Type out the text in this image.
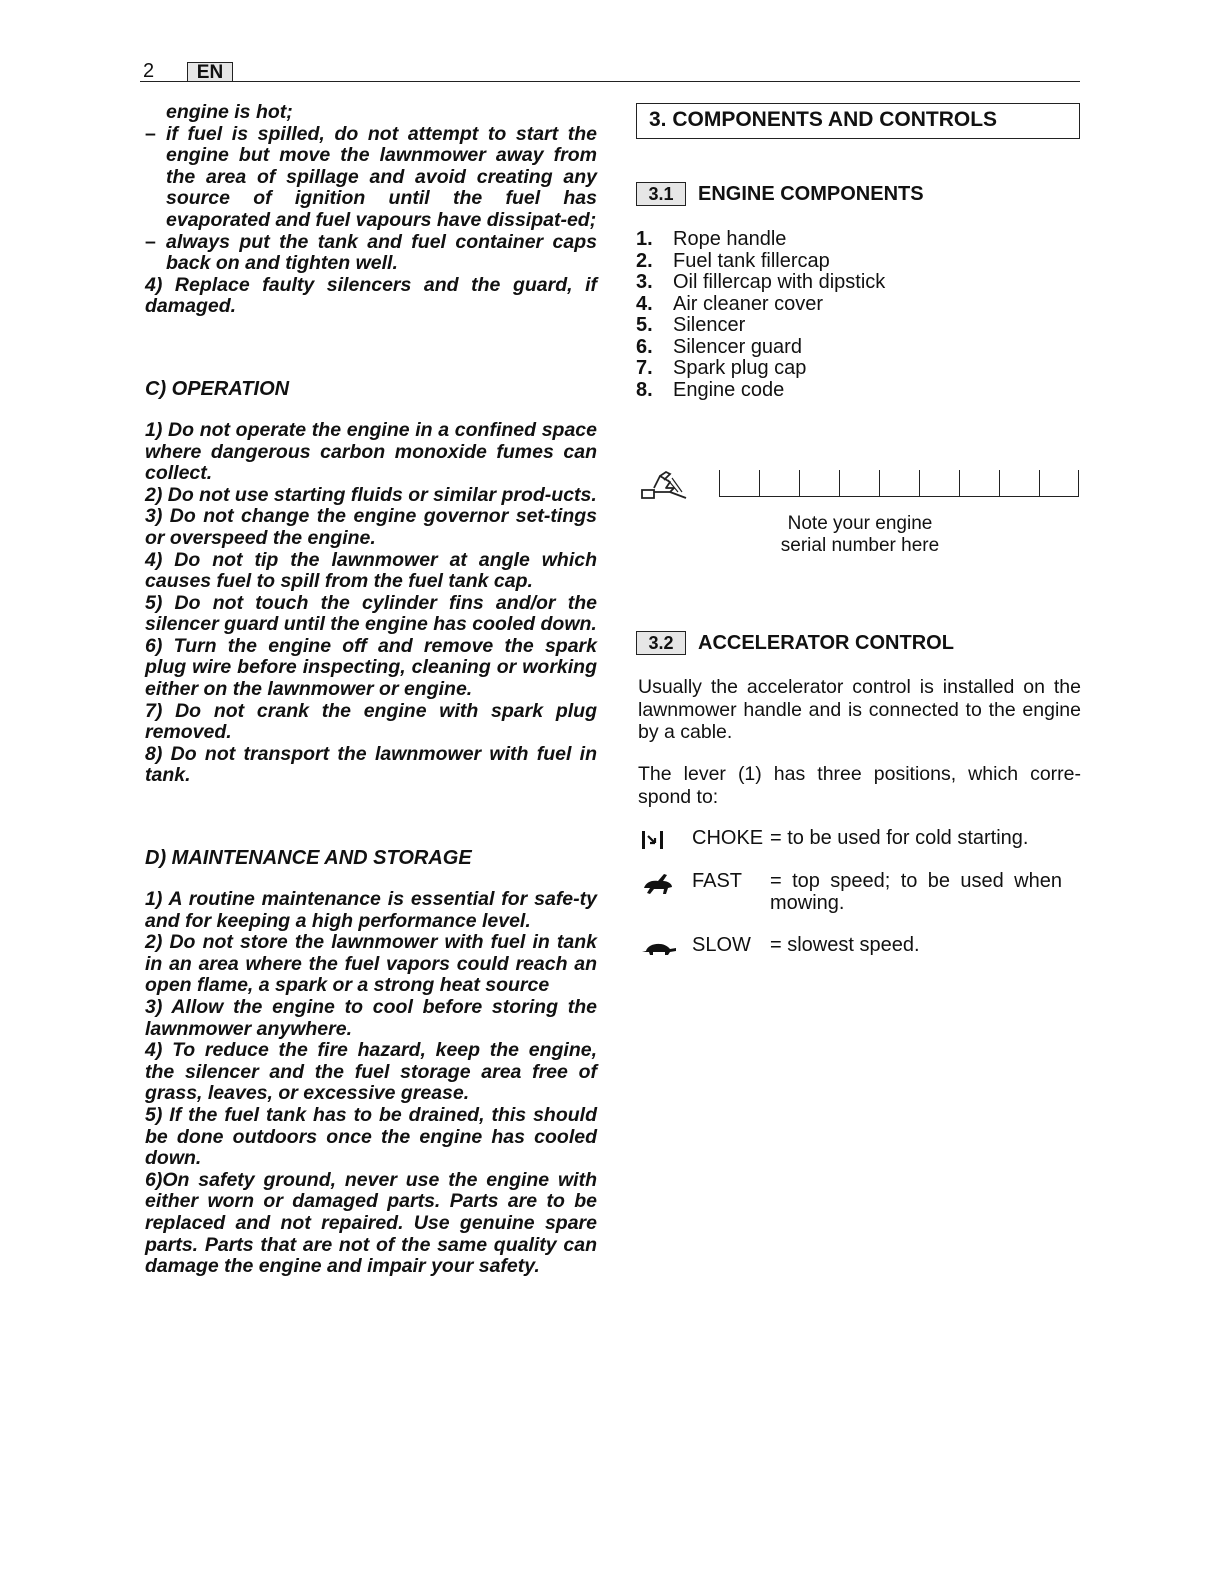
2	EN

engine is hot;

– if fuel is spilled, do not attempt to start the engine but move the lawnmower away from the area of spillage and avoid creating any source of ignition until the fuel has evaporated and fuel vapours have dissipat-ed;

– always put the tank and fuel container caps back on and tighten well.

4) Replace faulty silencers and the guard, if damaged.

C) OPERATION

1) Do not operate the engine in a confined space where dangerous carbon monoxide fumes can collect.

2) Do not use starting fluids or similar prod-ucts.

3) Do not change the engine governor set-tings or overspeed the engine.

4) Do not tip the lawnmower at angle which causes fuel to spill from the fuel tank cap.

5) Do not touch the cylinder fins and/or the silencer guard until the engine has cooled down.

6) Turn the engine off and remove the spark plug wire before inspecting, cleaning or working either on the lawnmower or engine.

7) Do not crank the engine with spark plug removed.

8) Do not transport the lawnmower with fuel in tank.

D) MAINTENANCE AND STORAGE

1) A routine maintenance is essential for safe-ty and for keeping a high performance level.

2) Do not store the lawnmower with fuel in tank in an area where the fuel vapors could reach an open flame, a spark or a strong heat source

3) Allow the engine to cool before storing the lawnmower anywhere.

4) To reduce the fire hazard, keep the engine, the silencer and the fuel storage area free of grass, leaves, or excessive grease.

5) If the fuel tank has to be drained, this should be done outdoors once the engine has cooled down.

6)On safety ground, never use the engine with either worn or damaged parts. Parts are to be replaced and not repaired. Use genuine spare parts. Parts that are not of the same quality can damage the engine and impair your safety.

3. COMPONENTS AND CONTROLS
3.1	ENGINE COMPONENTS
1.	Rope handle
2.	Fuel tank fillercap
3.	Oil fillercap with dipstick
4.	Air cleaner cover
5.	Silencer
6.	Silencer guard
7.	Spark plug cap
8.	Engine code
Note your engine
serial number here
3.2	ACCELERATOR CONTROL

Usually the accelerator control is installed on the lawnmower handle and is connected to the engine by a cable.

The lever (1) has three positions, which corre-spond to:

CHOKE = to be used for cold starting.
FAST	= top speed; to be used when mowing.
SLOW = slowest speed.
